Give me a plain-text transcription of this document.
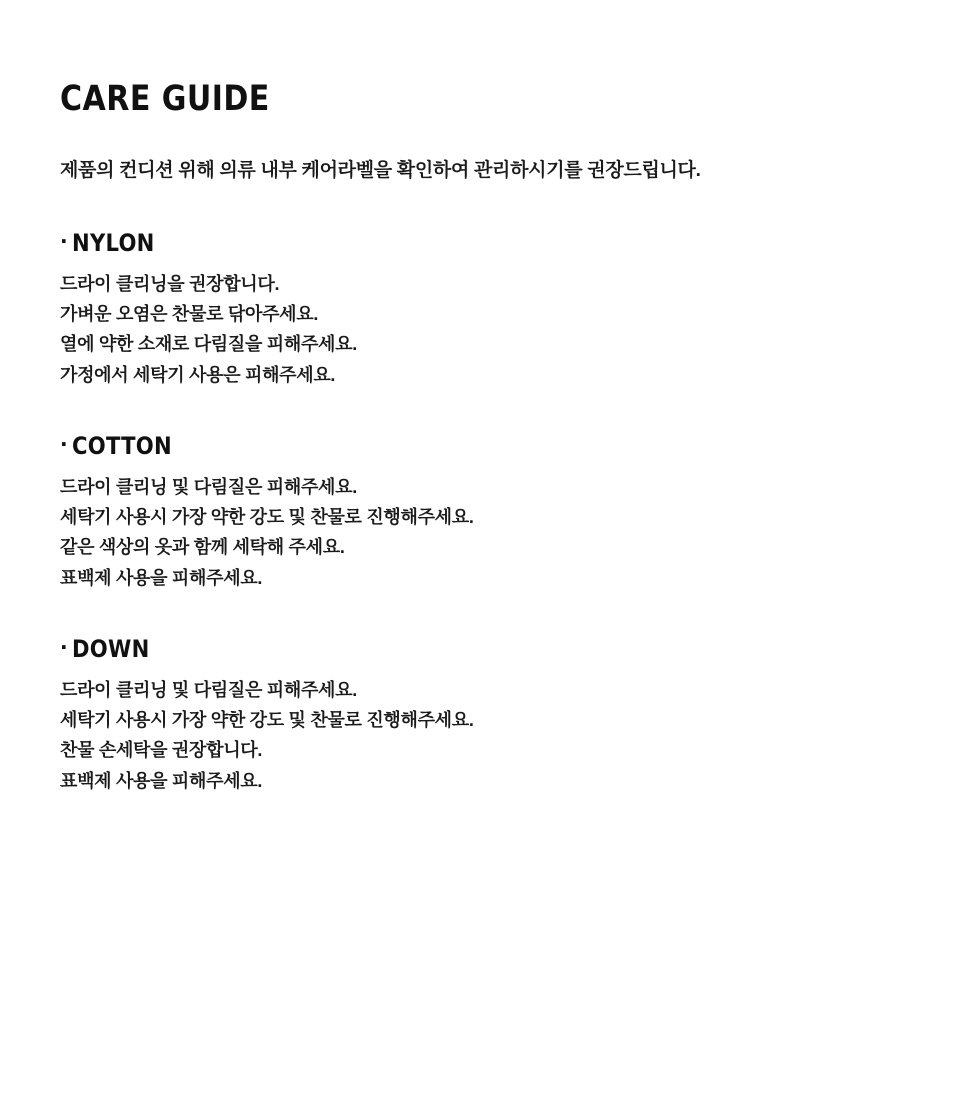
CARE GUIDE

제품의 컨디션 위해 의류 내부 케어라벨을 확인하여 관리하시기를 권장드립니다.

· NYLON

드라이 클리닝을 권장합니다.

가벼운 오염은 찬물로 닦아주세요.

열에 약한 소재로 다림질을 피해주세요.

가정에서 세탁기 사용은 피해주세요.

· COTTON

드라이 클리닝 및 다림질은 피해주세요.

세탁기 사용시 가장 약한 강도 및 찬물로 진행해주세요.

같은 색상의 옷과 함께 세탁해 주세요.

표백제 사용을 피해주세요.

· DOWN

드라이 클리닝 및 다림질은 피해주세요.

세탁기 사용시 가장 약한 강도 및 찬물로 진행해주세요.

찬물 손세탁을 권장합니다.

표백제 사용을 피해주세요.
